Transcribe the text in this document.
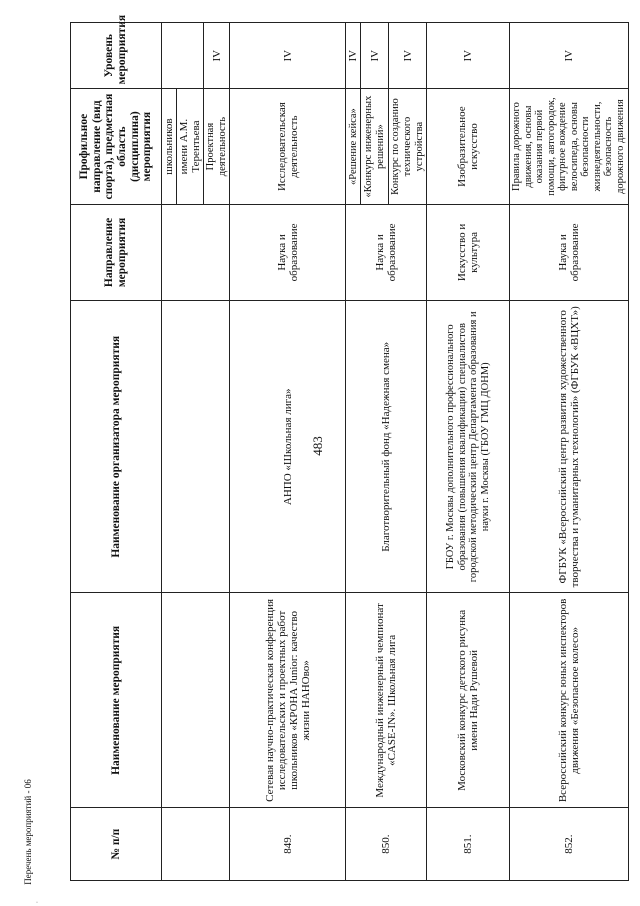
483
Перечень мероприятий - 06
·
№ п/п	Наименование мероприятия	Наименование организатора мероприятия	Направление мероприятия	Профильное направление (вид спорта), предметная область (дисциплина) мероприятия	Уровень мероприятия
				школьников	
				имени А.М. Терентьева	
				Проектная деятельность	IV
849.	Сетевая научно-практическая конференция исследовательских и проектных работ школьников «КРОНА Junior: качество жизни НАНОво»	АНПО «Школьная лига»	Наука и образование	Исследовательская деятельность	IV
850.	Международный инженерный чемпионат «CASE-IN». Школьная лига	Благотворительный фонд «Надежная смена»	Наука и образование	«Решение кейса»	IV
				«Конкурс инженерных решений»	IV
				Конкурс по созданию технического устройства	IV
851.	Московский конкурс детского рисунка имени Нади Рушевой	ГБОУ г. Москвы дополнительного профессионального образования (повышения квалификации) специалистов городской методический центр Департамента образования и науки г. Москвы (ГБОУ ГМЦ ДОНМ)	Искусство и культура	Изобразительное искусство	IV
852.	Всероссийский конкурс юных инспекторов движения «Безопасное колесо»	ФГБУК «Всероссийский центр развития художественного творчества и гуманитарных технологий» (ФГБУК «ВЦХТ»)	Наука и образование	Правила дорожного движения, основы оказания первой помощи, автогородок, фигурное вождение велосипеда, основы безопасности жизнедеятельности, безопасность дорожного движения	IV
